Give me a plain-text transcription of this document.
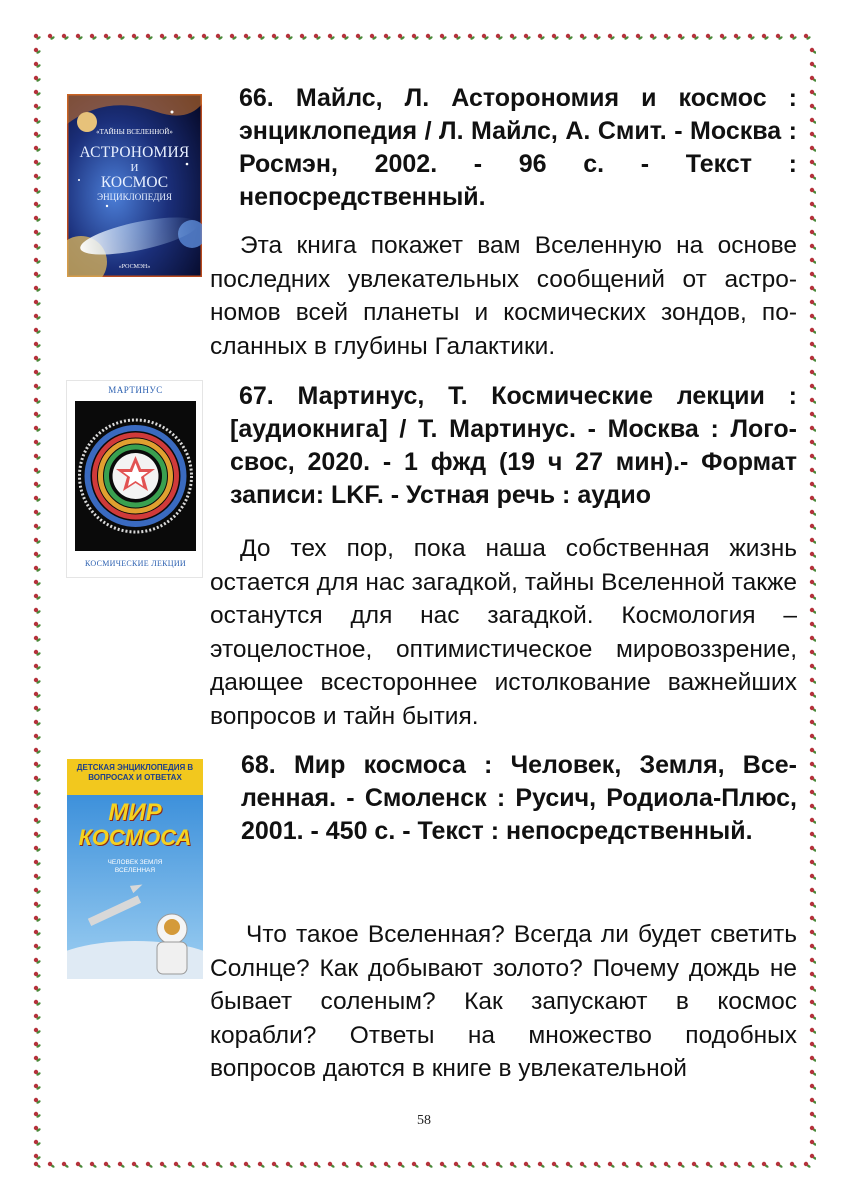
«ТАЙНЫ ВСЕЛЕННОЙ»
АСТРОНОМИЯ
И
КОСМОС
ЭНЦИКЛОПЕДИЯ
«РОСМЭН»

66. Майлс, Л. Асторономия и космос : энциклопедия / Л. Майлс, А. Смит. - Москва : Росмэн, 2002. - 96 с. - Текст : непосредственный.

Эта книга покажет вам Вселенную на основе последних увлекательных сообщений от астрономов всей планеты и космических зондов, посланных в глубины Галактики.

МАРТИНУС
КОСМИЧЕСКИЕ ЛЕКЦИИ

67. Мартинус, Т. Космические лекции : [аудиокнига] / Т. Мартинус. - Москва : Логосвос, 2020. - 1 фжд (19 ч 27 мин).- Формат записи: LKF. - Устная речь : аудио

До тех пор, пока наша собственная жизнь остается для нас загадкой, тайны Вселенной также останутся для нас загадкой. Космология – этоцелостное, оптимистическое мировоззрение, дающее всестороннее истолкование важнейших вопросов и тайн бытия.

ДЕТСКАЯ ЭНЦИКЛОПЕДИЯ В ВОПРОСАХ И ОТВЕТАХ
МИР
КОСМОСА
ЧЕЛОВЕК ЗЕМЛЯ ВСЕЛЕННАЯ

68. Мир космоса : Человек, Земля, Вселенная. - Смоленск : Русич, Родиола-Плюс, 2001. - 450 с. - Текст : непосредственный.

Что такое Вселенная? Всегда ли будет светить Солнце? Как добывают золото? Почему дождь не бывает соленым? Как запускают в космос корабли? Ответы на множество подобных вопросов даются в книге в увлекательной

58
